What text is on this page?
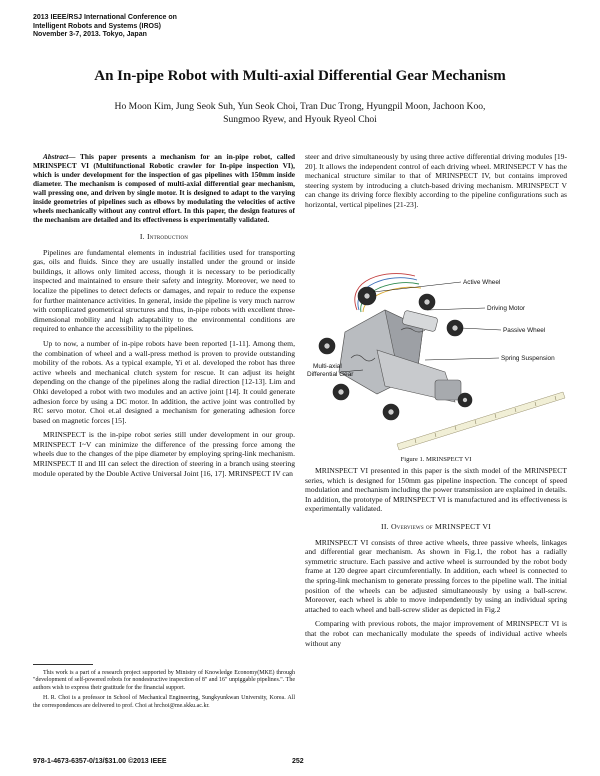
2013 IEEE/RSJ International Conference on
Intelligent Robots and Systems (IROS)
November 3-7, 2013. Tokyo, Japan
An In-pipe Robot with Multi-axial Differential Gear Mechanism
Ho Moon Kim, Jung Seok Suh, Yun Seok Choi, Tran Duc Trong, Hyungpil Moon, Jachoon Koo,
Sungmoo Ryew, and Hyouk Ryeol Choi

Abstract— This paper presents a mechanism for an in-pipe robot, called MRINSPECT VI (Multifunctional Robotic crawler for In-pipe inspection VI), which is under development for the inspection of gas pipelines with 150mm inside diameter. The mechanism is composed of multi-axial differential gear mechanism, wall pressing one, and driven by single motor. It is designed to adapt to the varying inside geometries of pipelines such as elbows by modulating the velocities of active wheels mechanically without any control effort. In this paper, the design features of the mechanism are detailed and its effectiveness is experimentally validated.

I. Introduction

Pipelines are fundamental elements in industrial facilities used for transporting gas, oils and fluids. Since they are usually installed under the ground or inside buildings, it allows only limited access, though it is necessary to be periodically inspected and maintained to ensure their safety and integrity. Moreover, we need to localize the pipelines to detect defects or damages, and repair to reduce the expense for further maintenance activities. In general, inside the pipeline is very much narrow with complicated geometrical structures and thus, in-pipe robots with excellent three-dimensional mobility and high adaptability to the environmental conditions are required to enhance the accessibility to the pipelines.

Up to now, a number of in-pipe robots have been reported [1-11]. Among them, the combination of wheel and a wall-press method is proven to provide outstanding mobility of the robots. As a typical example, Yi et al. developed the robot has three active wheels and mechanical clutch system for rescue. It can adjust its height depending on the change of the pipelines along the radial direction [12-13]. Lim and Ohki developed a robot with two modules and an active joint [14]. It could generate adhesion force by using a DC motor. In addition, the active joint was controlled by RC servo motor. Choi et.al designed a mechanism for generating adhesion force based on magnetic forces [15].

MRINSPECT is the in-pipe robot series still under development in our group. MRINSPECT I~V can minimize the difference of the pressing force among the wheels due to the changes of the pipe diameter by employing spring-link mechanism. MRINSPECT II and III can select the direction of steering in a branch using steering module operated by the Double Active Universal Joint [16, 17]. MRINSPECT IV can

This work is a part of a research project supported by Ministry of Knowledge Economy(MKE) through "development of self-powered robots for nondestructive inspection of 8" and 16" unpiggable pipelines.". The authors wish to express their gratitude for the financial support.

H. R. Choi is a professor in School of Mechanical Engineering, Sungkyunkwan University, Korea. All the correspondences are delivered to prof. Choi at hrchoi@me.skku.ac.kr.

steer and drive simultaneously by using three active differential driving modules [19-20]. It allows the independent control of each driving wheel. MRINSEPCT V has the mechanical structure similar to that of MRINSPECT IV, but contains improved steering system by introducing a clutch-based driving mechanism. MRINSPECT V can change its driving force flexibly according to the pipeline configurations such as horizontal, vertical pipelines [21-23].

Active Wheel
Driving Motor
Passive Wheel
Spring Suspension
Multi-axial
Differential Gear
Figure 1. MRINSPECT VI

MRINSPECT VI presented in this paper is the sixth model of the MRINSPECT series, which is designed for 150mm gas pipeline inspection. The concept of speed modulation and mechanism including the power transmission are explained in details. In addition, the prototype of MRINSPECT VI is manufactured and its effectiveness is experimentally validated.

II. Overviews of MRINSPECT VI

MRINSPECT VI consists of three active wheels, three passive wheels, linkages and differential gear mechanism. As shown in Fig.1, the robot has a radially symmetric structure. Each passive and active wheel is surrounded by the robot body frame at 120 degree apart circumferentially. In addition, each wheel is connected to the spring-link mechanism to generate pressing forces to the pipeline wall. The initial position of the wheels can be adjusted simultaneously by using a ball-screw. Moreover, each wheel is able to move independently by using an individual spring attached to each wheel and ball-screw slider as depicted in Fig.2

Comparing with previous robots, the major improvement of MRINSPECT VI is that the robot can mechanically modulate the speeds of individual active wheels without any

978-1-4673-6357-0/13/$31.00 ©2013 IEEE	252
